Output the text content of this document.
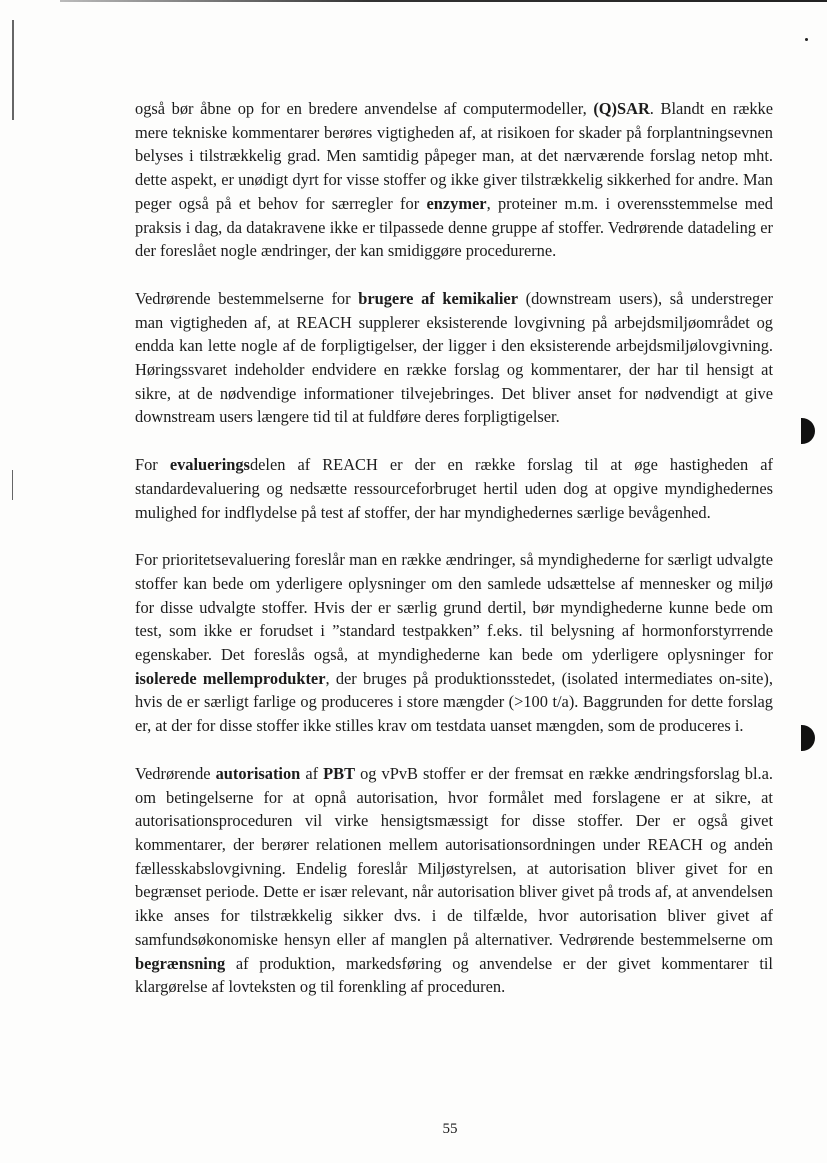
også bør åbne op for en bredere anvendelse af computermodeller, (Q)SAR. Blandt en række mere tekniske kommentarer berøres vigtigheden af, at risikoen for skader på forplantningsevnen belyses i tilstrækkelig grad. Men samtidig påpeger man, at det nærværende forslag netop mht. dette aspekt, er unødigt dyrt for visse stoffer og ikke giver tilstrækkelig sikkerhed for andre. Man peger også på et behov for særregler for enzymer, proteiner m.m. i overensstemmelse med praksis i dag, da datakravene ikke er tilpassede denne gruppe af stoffer. Vedrørende datadeling er der foreslået nogle ændringer, der kan smidiggøre procedurerne.

Vedrørende bestemmelserne for brugere af kemikalier (downstream users), så understreger man vigtigheden af, at REACH supplerer eksisterende lovgivning på arbejdsmiljøområdet og endda kan lette nogle af de forpligtigelser, der ligger i den eksisterende arbejdsmiljølovgivning. Høringssvaret indeholder endvidere en række forslag og kommentarer, der har til hensigt at sikre, at de nødvendige informationer tilvejebringes. Det bliver anset for nødvendigt at give downstream users længere tid til at fuldføre deres forpligtigelser.

For evalueringsdelen af REACH er der en række forslag til at øge hastigheden af standardevaluering og nedsætte ressourceforbruget hertil uden dog at opgive myndighedernes mulighed for indflydelse på test af stoffer, der har myndighedernes særlige bevågenhed.

For prioritetsevaluering foreslår man en række ændringer, så myndighederne for særligt udvalgte stoffer kan bede om yderligere oplysninger om den samlede udsættelse af mennesker og miljø for disse udvalgte stoffer. Hvis der er særlig grund dertil, bør myndighederne kunne bede om test, som ikke er forudset i ”standard testpakken” f.eks. til belysning af hormonforstyrrende egenskaber. Det foreslås også, at myndighederne kan bede om yderligere oplysninger for isolerede mellemprodukter, der bruges på produktionsstedet, (isolated intermediates on-site), hvis de er særligt farlige og produceres i store mængder (>100 t/a). Baggrunden for dette forslag er, at der for disse stoffer ikke stilles krav om testdata uanset mængden, som de produceres i.

Vedrørende autorisation af PBT og vPvB stoffer er der fremsat en række ændringsforslag bl.a. om betingelserne for at opnå autorisation, hvor formålet med forslagene er at sikre, at autorisationsproceduren vil virke hensigtsmæssigt for disse stoffer. Der er også givet kommentarer, der berører relationen mellem autorisationsordningen under REACH og anden fællesskabslovgivning. Endelig foreslår Miljøstyrelsen, at autorisation bliver givet for en begrænset periode. Dette er især relevant, når autorisation bliver givet på trods af, at anvendelsen ikke anses for tilstrækkelig sikker dvs. i de tilfælde, hvor autorisation bliver givet af samfundsøkonomiske hensyn eller af manglen på alternativer. Vedrørende bestemmelserne om begrænsning af produktion, markedsføring og anvendelse er der givet kommentarer til klargørelse af lovteksten og til forenkling af proceduren.

55
